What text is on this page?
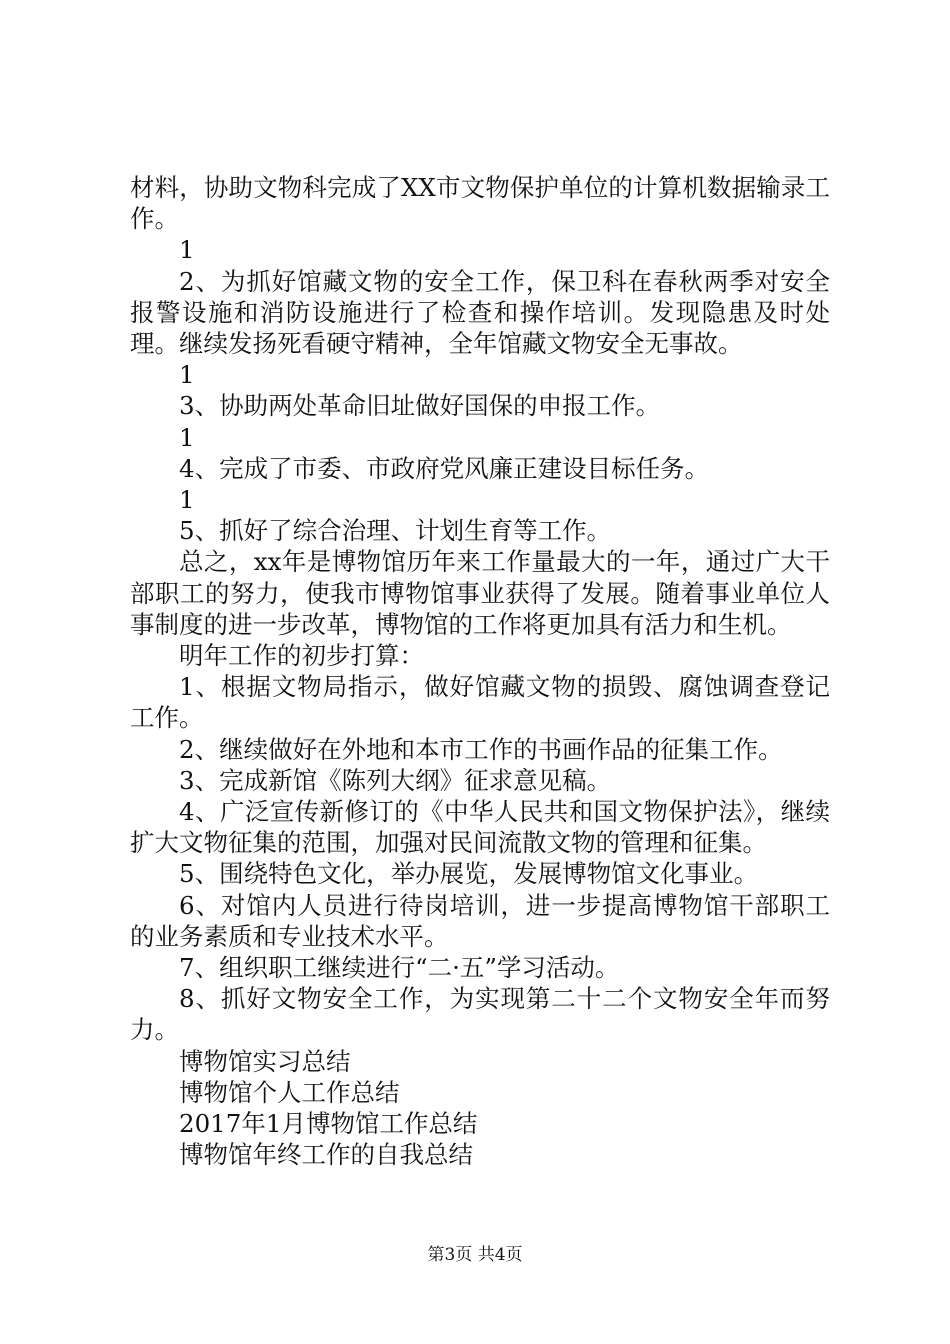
材料，协助文物科完成了XX市文物保护单位的计算机数据输录工作。

1

2、为抓好馆藏文物的安全工作，保卫科在春秋两季对安全报警设施和消防设施进行了检查和操作培训。发现隐患及时处理。继续发扬死看硬守精神，全年馆藏文物安全无事故。

1

3、协助两处革命旧址做好国保的申报工作。

1

4、完成了市委、市政府党风廉正建设目标任务。

1

5、抓好了综合治理、计划生育等工作。

总之，xx年是博物馆历年来工作量最大的一年，通过广大干部职工的努力，使我市博物馆事业获得了发展。随着事业单位人事制度的进一步改革，博物馆的工作将更加具有活力和生机。

明年工作的初步打算：

1、根据文物局指示，做好馆藏文物的损毁、腐蚀调查登记工作。

2、继续做好在外地和本市工作的书画作品的征集工作。

3、完成新馆《陈列大纲》征求意见稿。

4、广泛宣传新修订的《中华人民共和国文物保护法》，继续扩大文物征集的范围，加强对民间流散文物的管理和征集。

5、围绕特色文化，举办展览，发展博物馆文化事业。

6、对馆内人员进行待岗培训，进一步提高博物馆干部职工的业务素质和专业技术水平。

7、组织职工继续进行“二·五”学习活动。

8、抓好文物安全工作，为实现第二十二个文物安全年而努力。

博物馆实习总结

博物馆个人工作总结

2017年1月博物馆工作总结

博物馆年终工作的自我总结

第3页 共4页
